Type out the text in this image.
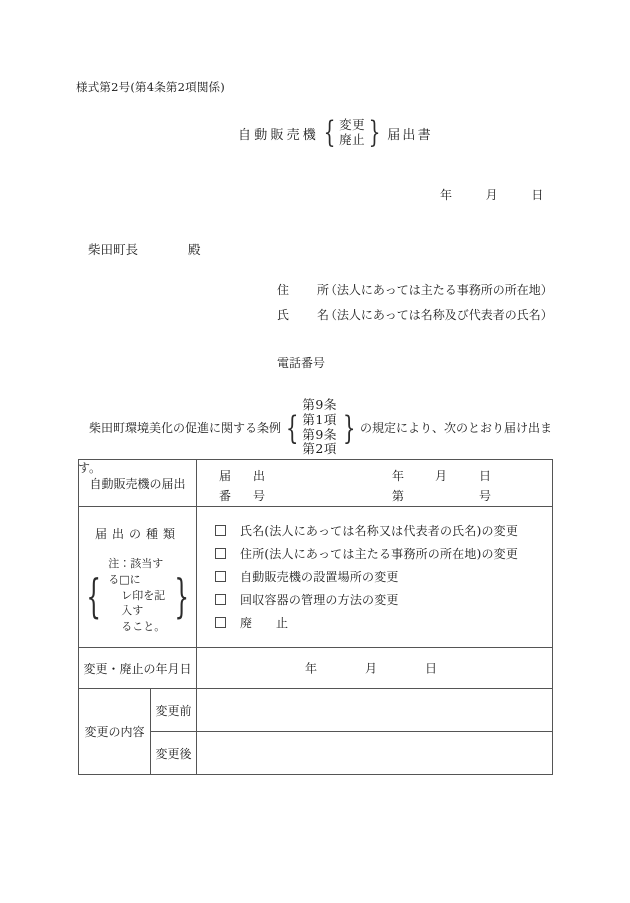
様式第2号(第4条第2項関係)
自動販売機 { 変更
廃止 } 届出書
年	月	日
柴田町長	殿
住　所 （法人にあっては主たる事務所の所在地）
氏　名 （法人にあっては名称及び代表者の氏名）
電話番号
柴田町環境美化の促進に関する条例 {
第9条第1項
第9条第2項
} の規定により、次のとおり届け出ま
す。
自動販売機の届出	
届　出	年	月	日
番　号	第	号

届出の種類
{
注：該当する□に
レ印を記入す
ること。
}

氏名(法人にあっては名称又は代表者の氏名)の変更
住所(法人にあっては主たる事務所の所在地)の変更
自動販売機の設置場所の変更
回収容器の管理の方法の変更
廃　止

変更・廃止の年月日		年 月 日

変更の内容	変更前	
	変更後	
